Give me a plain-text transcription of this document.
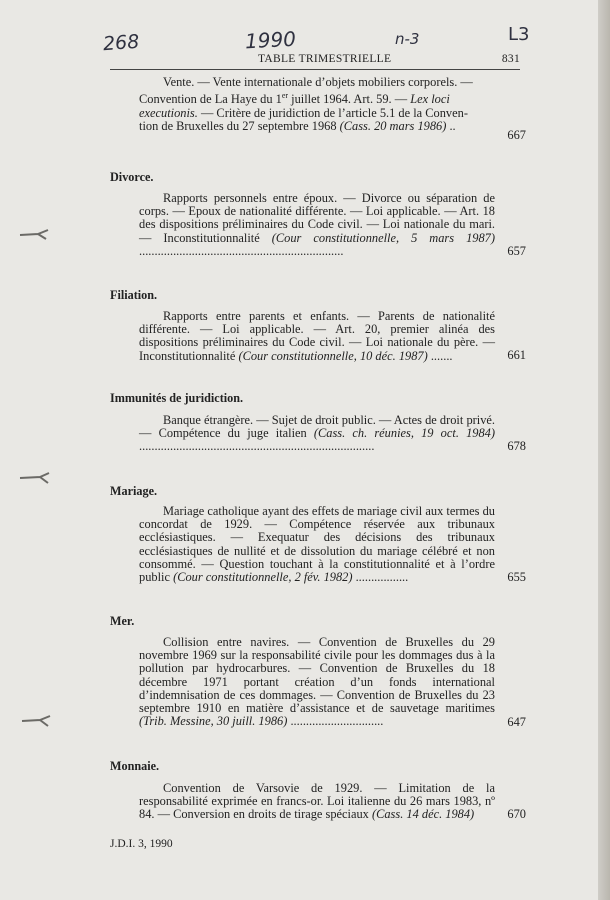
268	1990	n-3	L3
TABLE TRIMESTRIELLE	831
Vente. — Vente internationale d’objets mobiliers corporels. —
Convention de La Haye du 1er juillet 1964. Art. 59. — Lex loci
executionis. — Critère de juridiction de l’article 5.1 de la Conven-
tion de Bruxelles du 27 septembre 1968 (Cass. 20 mars 1986) ..
667
Divorce.
Rapports personnels entre époux. — Divorce ou séparation de corps. — Epoux de nationalité différente. — Loi applicable. — Art. 18 des dispositions préliminaires du Code civil. — Loi nationale du mari. — Inconstitutionnalité (Cour constitutionnelle, 5 mars 1987) ..................................................................	657
Filiation.
Rapports entre parents et enfants. — Parents de nationalité différente. — Loi applicable. — Art. 20, premier alinéa des dispositions préliminaires du Code civil. — Loi nationale du père. — Inconstitutionnalité (Cour constitutionnelle, 10 déc. 1987) .......	661
Immunités de juridiction.
Banque étrangère. — Sujet de droit public. — Actes de droit privé. — Compétence du juge italien (Cass. ch. réunies, 19 oct. 1984) ............................................................................	678
Mariage.
Mariage catholique ayant des effets de mariage civil aux termes du concordat de 1929. — Compétence réservée aux tribunaux ecclésiastiques. — Exequatur des décisions des tribunaux ecclésiastiques de nullité et de dissolution du mariage célébré et non consommé. — Question touchant à la constitutionnalité et à l’ordre public (Cour constitutionnelle, 2 fév. 1982) .................	655
Mer.
Collision entre navires. — Convention de Bruxelles du 29 novembre 1969 sur la responsabilité civile pour les dommages dus à la pollution par hydrocarbures. — Convention de Bruxelles du 18 décembre 1971 portant création d’un fonds international d’indemnisation de ces dommages. — Convention de Bruxelles du 23 septembre 1910 en matière d’assistance et de sauvetage maritimes (Trib. Messine, 30 juill. 1986) ..............................	647
Monnaie.
Convention de Varsovie de 1929. — Limitation de la responsabilité exprimée en francs-or. Loi italienne du 26 mars 1983, nº 84. — Conversion en droits de tirage spéciaux (Cass. 14 déc. 1984)	670
J.D.I. 3, 1990
